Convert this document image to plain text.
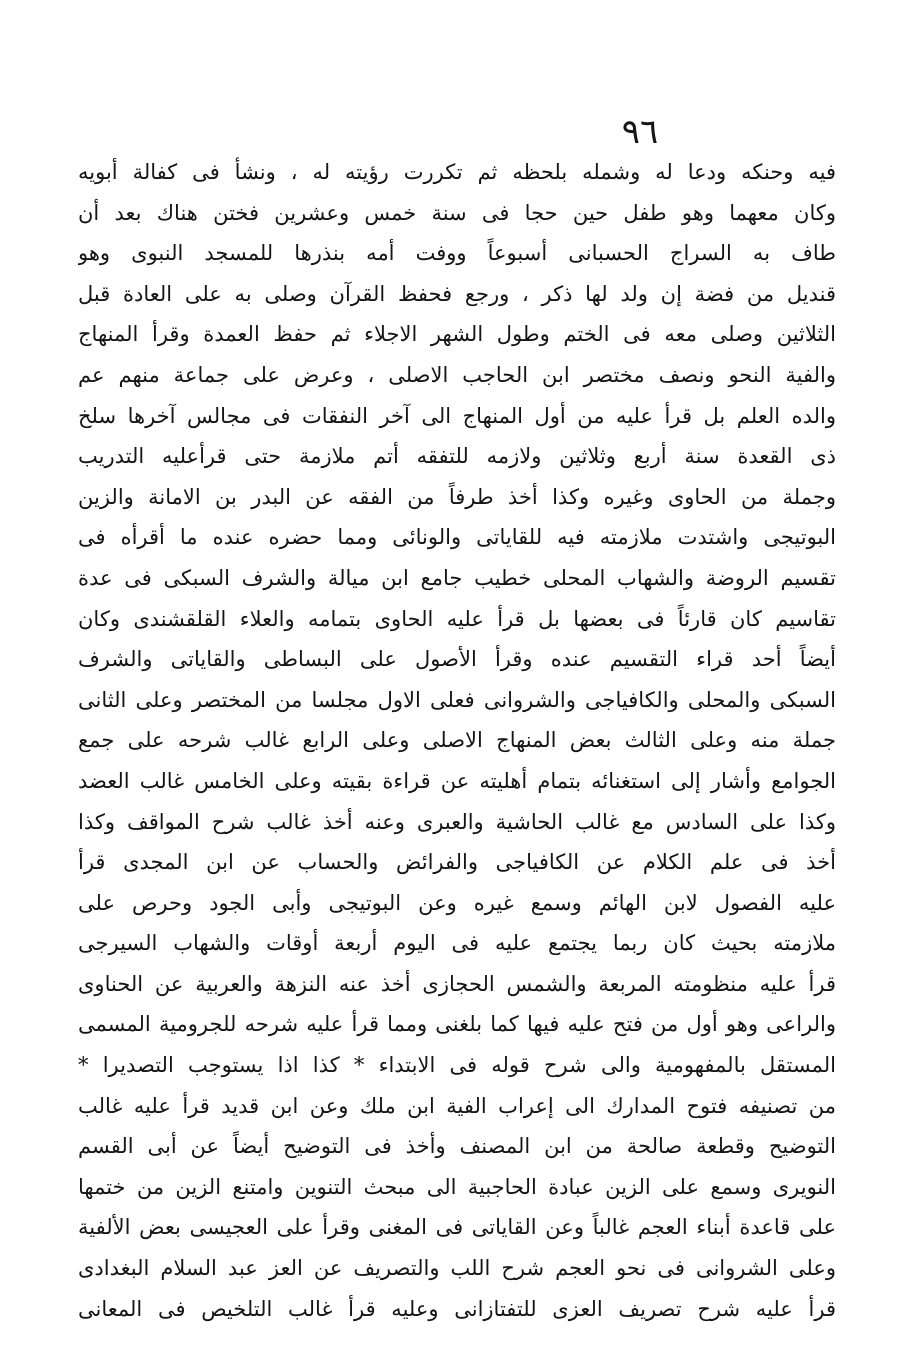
٩٦
فيه وحنكه ودعا له وشمله بلحظه ثم تكررت رؤيته له ، ونشأ فى كفالة أبويه
وكان معهما وهو طفل حين حجا فى سنة خمس وعشرين فختن هناك بعد أن
طاف به السراج الحسبانى أسبوعاً ووفت أمه بنذرها للمسجد النبوى وهو
قنديل من فضة إن ولد لها ذكر ، ورجع فحفظ القرآن وصلى به على العادة قبل
الثلاثين وصلى معه فى الختم وطول الشهر الاجلاء ثم حفظ العمدة وقرأ المنهاج
والفية النحو ونصف مختصر ابن الحاجب الاصلى ، وعرض على جماعة منهم عم
والده العلم بل قرأ عليه من أول المنهاج الى آخر النفقات فى مجالس آخرها سلخ
ذى القعدة سنة أربع وثلاثين ولازمه للتفقه أتم ملازمة حتى قرأعليه التدريب
وجملة من الحاوى وغيره وكذا أخذ طرفاً من الفقه عن البدر بن الامانة والزين
البوتيجى واشتدت ملازمته فيه للقاياتى والونائى ومما حضره عنده ما أقرأه فى
تقسيم الروضة والشهاب المحلى خطيب جامع ابن ميالة والشرف السبكى فى عدة
تقاسيم كان قارئاً فى بعضها بل قرأ عليه الحاوى بتمامه والعلاء القلقشندى وكان
أيضاً أحد قراء التقسيم عنده وقرأ الأصول على البساطى والقاياتى والشرف
السبكى والمحلى والكافياجى والشروانى فعلى الاول مجلسا من المختصر وعلى الثانى
جملة منه وعلى الثالث بعض المنهاج الاصلى وعلى الرابع غالب شرحه على جمع
الجوامع وأشار إلى استغنائه بتمام أهليته عن قراءة بقيته وعلى الخامس غالب العضد
وكذا على السادس مع غالب الحاشية والعبرى وعنه أخذ غالب شرح المواقف وكذا
أخذ فى علم الكلام عن الكافياجى والفرائض والحساب عن ابن المجدى قرأ
عليه الفصول لابن الهائم وسمع غيره وعن البوتيجى وأبى الجود وحرص على
ملازمته بحيث كان ربما يجتمع عليه فى اليوم أربعة أوقات والشهاب السيرجى
قرأ عليه منظومته المربعة والشمس الحجازى أخذ عنه النزهة والعربية عن الحناوى
والراعى وهو أول من فتح عليه فيها كما بلغنى ومما قرأ عليه شرحه للجرومية المسمى
المستقل بالمفهومية والى شرح قوله فى الابتداء * كذا اذا يستوجب التصديرا *
من تصنيفه فتوح المدارك الى إعراب الفية ابن ملك وعن ابن قديد قرأ عليه غالب
التوضيح وقطعة صالحة من ابن المصنف وأخذ فى التوضيح أيضاً عن أبى القسم
النويرى وسمع على الزين عبادة الحاجبية الى مبحث التنوين وامتنع الزين من ختمها
على قاعدة أبناء العجم غالباً وعن القاياتى فى المغنى وقرأ على العجيسى بعض الألفية
وعلى الشروانى فى نحو العجم شرح اللب والتصريف عن العز عبد السلام البغدادى
قرأ عليه شرح تصريف العزى للتفتازانى وعليه قرأ غالب التلخيص فى المعانى
